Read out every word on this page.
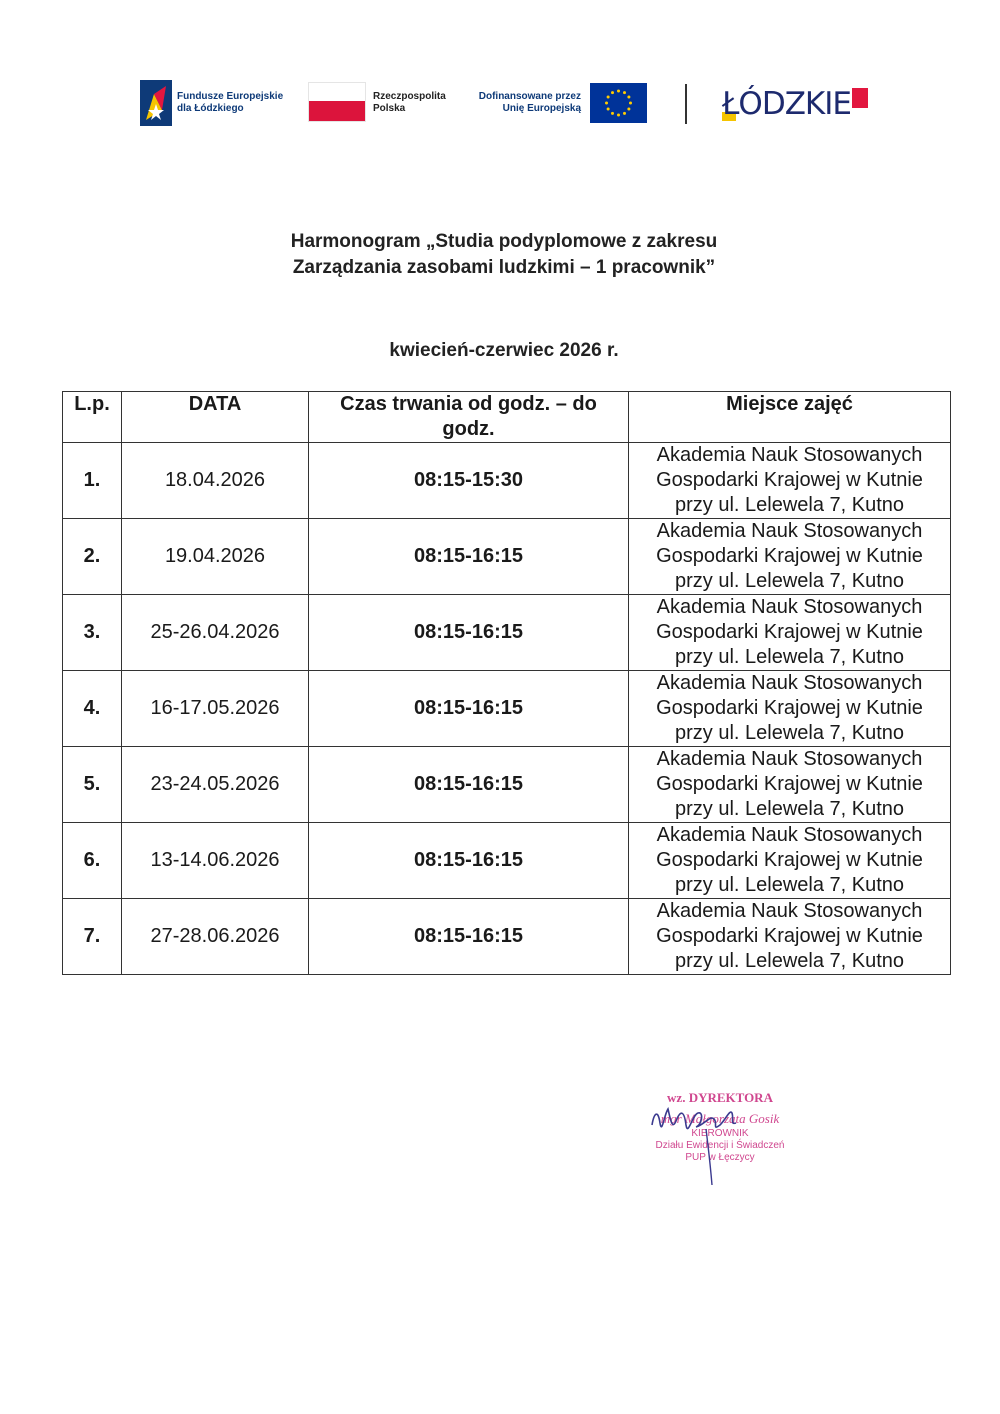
Fundusze Europejskie
dla Łódzkiego
Rzeczpospolita
Polska
Dofinansowane przez
Unię Europejską	ŁÓDZKIE
Harmonogram „Studia podyplomowe z zakresu
Zarządzania zasobami ludzkimi – 1 pracownik”
kwiecień-czerwiec 2026 r.
L.p.	DATA	Czas trwania od godz. – do godz.	Miejsce zajęć
1.	18.04.2026	08:15-15:30	Akademia Nauk Stosowanych
Gospodarki Krajowej w Kutnie
przy ul. Lelewela 7, Kutno

2.	19.04.2026	08:15-16:15	Akademia Nauk Stosowanych
Gospodarki Krajowej w Kutnie
przy ul. Lelewela 7, Kutno

3.	25-26.04.2026	08:15-16:15	Akademia Nauk Stosowanych
Gospodarki Krajowej w Kutnie
przy ul. Lelewela 7, Kutno

4.	16-17.05.2026	08:15-16:15	Akademia Nauk Stosowanych
Gospodarki Krajowej w Kutnie
przy ul. Lelewela 7, Kutno

5.	23-24.05.2026	08:15-16:15	Akademia Nauk Stosowanych
Gospodarki Krajowej w Kutnie
przy ul. Lelewela 7, Kutno

6.	13-14.06.2026	08:15-16:15	Akademia Nauk Stosowanych
Gospodarki Krajowej w Kutnie
przy ul. Lelewela 7, Kutno

7.	27-28.06.2026	08:15-16:15	Akademia Nauk Stosowanych
Gospodarki Krajowej w Kutnie
przy ul. Lelewela 7, Kutno
wz. DYREKTORA
mgr Małgorzata Gosik
KIEROWNIK
Działu Ewidencji i Świadczeń
PUP w Łęczycy
